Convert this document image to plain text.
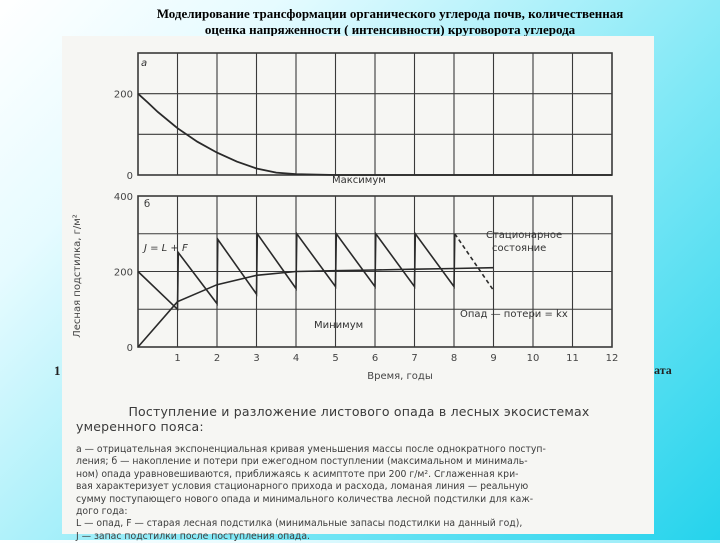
Моделирование трансформации органического углерода почв, количественная
оценка напряженности ( интенсивности) круговорота углерода
1	ата
0
200
0
200
400
1	2	3	4	5	6	7	8	9	10	11	12
Лесная подстилка, г/м²
a
б
Максимум
Минимум
Стационарное
состояние
J = L + F
Опад — потери = kx
Время, годы
Поступление и разложение листового опада в лесных экосистемах
умеренного пояса:
a — отрицательная экспоненциальная кривая уменьшения массы после однократного поступ-
ления; б — накопление и потери при ежегодном поступлении (максимальном и минималь-
ном) опада уравновешиваются, приближаясь к асимптоте при 200 г/м². Сглаженная кри-
вая характеризует условия стационарного прихода и расхода, ломаная линия — реальную
сумму поступающего нового опада и минимального количества лесной подстилки для каж-
дого года:
L — опад, F — старая лесная подстилка (минимальные запасы подстилки на данный год),
J — запас подстилки после поступления опада.
